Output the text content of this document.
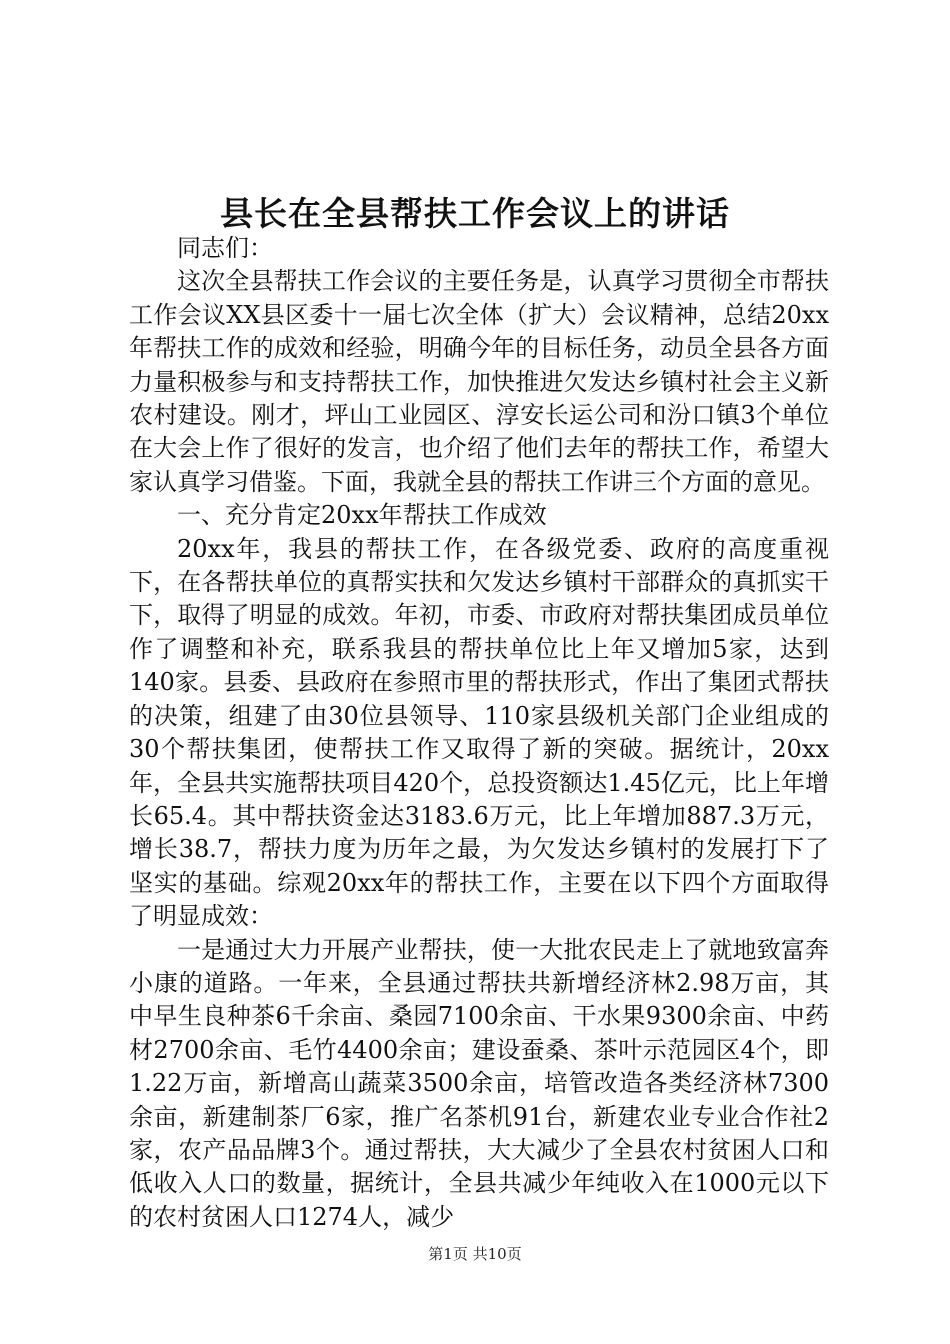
县长在全县帮扶工作会议上的讲话

同志们：

这次全县帮扶工作会议的主要任务是，认真学习贯彻全市帮扶工作会议XX县区委十一届七次全体（扩大）会议精神，总结20xx年帮扶工作的成效和经验，明确今年的目标任务，动员全县各方面力量积极参与和支持帮扶工作，加快推进欠发达乡镇村社会主义新农村建设。刚才，坪山工业园区、淳安长运公司和汾口镇3个单位在大会上作了很好的发言，也介绍了他们去年的帮扶工作，希望大家认真学习借鉴。下面，我就全县的帮扶工作讲三个方面的意见。

一、充分肯定20xx年帮扶工作成效

20xx年，我县的帮扶工作，在各级党委、政府的高度重视下，在各帮扶单位的真帮实扶和欠发达乡镇村干部群众的真抓实干下，取得了明显的成效。年初，市委、市政府对帮扶集团成员单位作了调整和补充，联系我县的帮扶单位比上年又增加5家，达到140家。县委、县政府在参照市里的帮扶形式，作出了集团式帮扶的决策，组建了由30位县领导、110家县级机关部门企业组成的30个帮扶集团，使帮扶工作又取得了新的突破。据统计，20xx年，全县共实施帮扶项目420个，总投资额达1.45亿元，比上年增长65.4。其中帮扶资金达3183.6万元，比上年增加887.3万元，增长38.7，帮扶力度为历年之最，为欠发达乡镇村的发展打下了坚实的基础。综观20xx年的帮扶工作，主要在以下四个方面取得了明显成效：

一是通过大力开展产业帮扶，使一大批农民走上了就地致富奔小康的道路。一年来，全县通过帮扶共新增经济林2.98万亩，其中早生良种茶6千余亩、桑园7100余亩、干水果9300余亩、中药材2700余亩、毛竹4400余亩；建设蚕桑、茶叶示范园区4个，即1.22万亩，新增高山蔬菜3500余亩，培管改造各类经济林7300余亩，新建制茶厂6家，推广名茶机91台，新建农业专业合作社2家，农产品品牌3个。通过帮扶，大大减少了全县农村贫困人口和低收入人口的数量，据统计，全县共减少年纯收入在1000元以下的农村贫困人口1274人，减少

第1页 共10页
